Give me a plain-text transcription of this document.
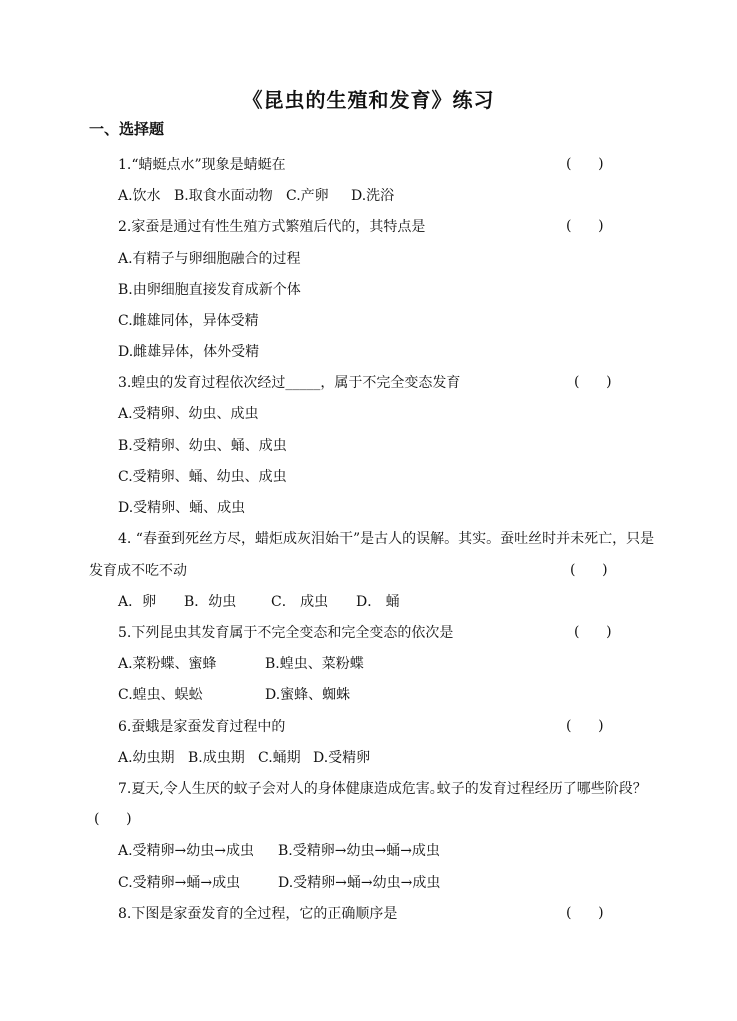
《昆虫的生殖和发育》练习
一、选择题
1.“蜻蜓点水”现象是蜻蜓在	(      )
A.饮水 B.取食水面动物 C.产卵 D.洗浴
2.家蚕是通过有性生殖方式繁殖后代的，其特点是	(      )
A.有精子与卵细胞融合的过程
B.由卵细胞直接发育成新个体
C.雌雄同体，异体受精
D.雌雄异体，体外受精
3.蝗虫的发育过程依次经过_____，属于不完全变态发育	(      )
A.受精卵、幼虫、成虫
B.受精卵、幼虫、蛹、成虫
C.受精卵、蛹、幼虫、成虫
D.受精卵、蛹、成虫
4. “春蚕到死丝方尽，蜡炬成灰泪始干”是古人的误解。其实。蚕吐丝时并未死亡，只是
发育成不吃不动	(      )
A．卵 B．幼虫 C． 成虫 D． 蛹
5.下列昆虫其发育属于不完全变态和完全变态的依次是	(      )
A.菜粉蝶、蜜蜂	B.蝗虫、菜粉蝶
C.蝗虫、蜈蚣	D.蜜蜂、蜘蛛
6.蚕蛾是家蚕发育过程中的	(      )
A.幼虫期 B.成虫期 C.蛹期 D.受精卵
7.夏天,令人生厌的蚊子会对人的身体健康造成危害｡蚊子的发育过程经历了哪些阶段？
(      )
A.受精卵→幼虫→成虫 B.受精卵→幼虫→蛹→成虫
C.受精卵→蛹→成虫	D.受精卵→蛹→幼虫→成虫
8.下图是家蚕发育的全过程，它的正确顺序是	(      )
